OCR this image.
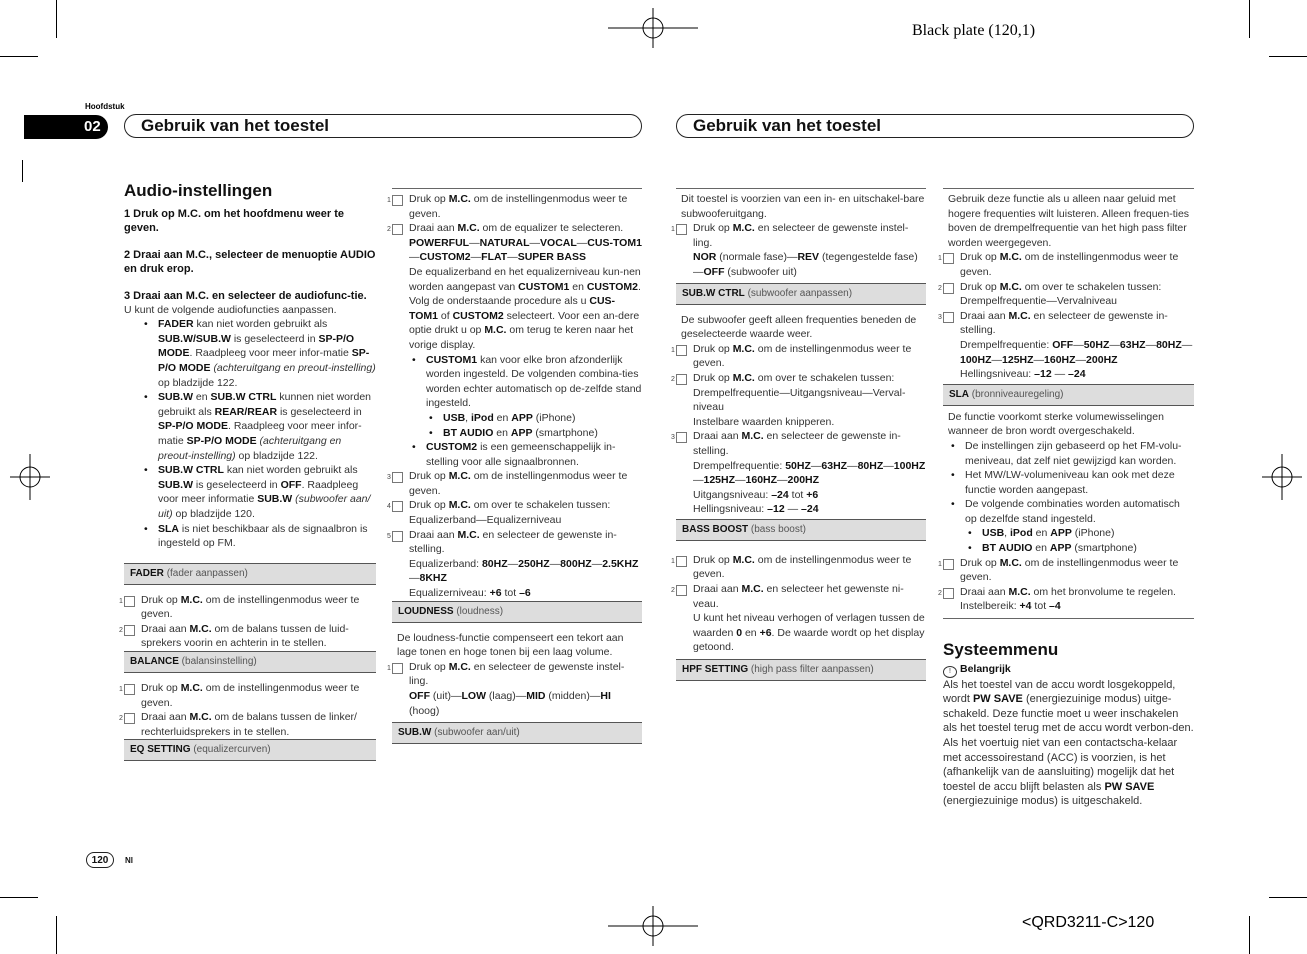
Black plate (120,1)
<QRD3211-C>120
Hoofdstuk
02	Gebruik van het toestel	Gebruik van het toestel
Audio-instellingen
1 Druk op M.C. om het hoofdmenu weer te geven.
2 Draai aan M.C., selecteer de menuoptie AUDIO en druk erop.
3 Draai aan M.C. en selecteer de audiofunc-tie.
U kunt de volgende audiofuncties aanpassen.
• FADER kan niet worden gebruikt als SUB.W/SUB.W is geselecteerd in SP-P/O MODE. Raadpleeg voor meer infor-matie SP-P/O MODE (achteruitgang en preout-instelling) op bladzijde 122.
• SUB.W en SUB.W CTRL kunnen niet worden gebruikt als REAR/REAR is geselecteerd in SP-P/O MODE. Raadpleeg voor meer infor-matie SP-P/O MODE (achteruitgang en preout-instelling) op bladzijde 122.
• SUB.W CTRL kan niet worden gebruikt als SUB.W is geselecteerd in OFF. Raadpleeg voor meer informatie SUB.W (subwoofer aan/ uit) op bladzijde 120.
• SLA is niet beschikbaar als de signaalbron is ingesteld op FM.
FADER (fader aanpassen)
1 Druk op M.C. om de instellingenmodus weer te geven.
2 Draai aan M.C. om de balans tussen de luid-sprekers voorin en achterin in te stellen.
BALANCE (balansinstelling)
1 Druk op M.C. om de instellingenmodus weer te geven.
2 Draai aan M.C. om de balans tussen de linker/ rechterluidsprekers in te stellen.
EQ SETTING (equalizercurven)
1 Druk op M.C. om de instellingenmodus weer te geven.
2 Draai aan M.C. om de equalizer te selecteren.
POWERFUL—NATURAL—VOCAL—CUS-TOM1—CUSTOM2—FLAT—SUPER BASS
De equalizerband en het equalizerniveau kun-nen worden aangepast van CUSTOM1 en CUSTOM2.
Volg de onderstaande procedure als u CUS-TOM1 of CUSTOM2 selecteert. Voor een an-dere optie drukt u op M.C. om terug te keren naar het vorige display.
• CUSTOM1 kan voor elke bron afzonderlijk worden ingesteld. De volgenden combina-ties worden echter automatisch op de-zelfde stand ingesteld.
• USB, iPod en APP (iPhone)
• BT AUDIO en APP (smartphone)
• CUSTOM2 is een gemeenschappelijk in-stelling voor alle signaalbronnen.
3 Druk op M.C. om de instellingenmodus weer te geven.
4 Druk op M.C. om over te schakelen tussen:
Equalizerband—Equalizerniveau
5 Draai aan M.C. en selecteer de gewenste in-stelling.
Equalizerband: 80HZ—250HZ—800HZ—2.5KHZ—8KHZ
Equalizerniveau: +6 tot –6
LOUDNESS (loudness)
De loudness-functie compenseert een tekort aan lage tonen en hoge tonen bij een laag volume.
1 Druk op M.C. en selecteer de gewenste instel-ling.
OFF (uit)—LOW (laag)—MID (midden)—HI (hoog)
SUB.W (subwoofer aan/uit)
Dit toestel is voorzien van een in- en uitschakel-bare subwooferuitgang.
1 Druk op M.C. en selecteer de gewenste instel-ling.
NOR (normale fase)—REV (tegengestelde fase)—OFF (subwoofer uit)
SUB.W CTRL (subwoofer aanpassen)
De subwoofer geeft alleen frequenties beneden de geselecteerde waarde weer.
1 Druk op M.C. om de instellingenmodus weer te geven.
2 Druk op M.C. om over te schakelen tussen:
Drempelfrequentie—Uitgangsniveau—Verval-niveau
Instelbare waarden knipperen.
3 Draai aan M.C. en selecteer de gewenste in-stelling.
Drempelfrequentie: 50HZ—63HZ—80HZ—100HZ—125HZ—160HZ—200HZ
Uitgangsniveau: –24 tot +6
Hellingsniveau: –12 — –24
BASS BOOST (bass boost)
1 Druk op M.C. om de instellingenmodus weer te geven.
2 Draai aan M.C. en selecteer het gewenste ni-veau.
U kunt het niveau verhogen of verlagen tussen de waarden 0 en +6. De waarde wordt op het display getoond.
HPF SETTING (high pass filter aanpassen)
Gebruik deze functie als u alleen naar geluid met hogere frequenties wilt luisteren. Alleen frequen-ties boven de drempelfrequentie van het high pass filter worden weergegeven.
1 Druk op M.C. om de instellingenmodus weer te geven.
2 Druk op M.C. om over te schakelen tussen:
Drempelfrequentie—Vervalniveau
3 Draai aan M.C. en selecteer de gewenste in-stelling.
Drempelfrequentie: OFF—50HZ—63HZ—80HZ—100HZ—125HZ—160HZ—200HZ
Hellingsniveau: –12 — –24
SLA (bronniveauregeling)
De functie voorkomt sterke volumewisselingen wanneer de bron wordt overgeschakeld.
• De instellingen zijn gebaseerd op het FM-volu-meniveau, dat zelf niet gewijzigd kan worden.
• Het MW/LW-volumeniveau kan ook met deze functie worden aangepast.
• De volgende combinaties worden automatisch op dezelfde stand ingesteld.
• USB, iPod en APP (iPhone)
• BT AUDIO en APP (smartphone)
1 Druk op M.C. om de instellingenmodus weer te geven.
2 Draai aan M.C. om het bronvolume te regelen.
Instelbereik: +4 tot –4
Systeemmenu
! Belangrijk
Als het toestel van de accu wordt losgekoppeld, wordt PW SAVE (energiezuinige modus) uitge-schakeld. Deze functie moet u weer inschakelen als het toestel terug met de accu wordt verbon-den. Als het voertuig niet van een contactscha-kelaar met accessoirestand (ACC) is voorzien, is het (afhankelijk van de aansluiting) mogelijk dat het toestel de accu blijft belasten als PW SAVE (energiezuinige modus) is uitgeschakeld.
120	Nl
